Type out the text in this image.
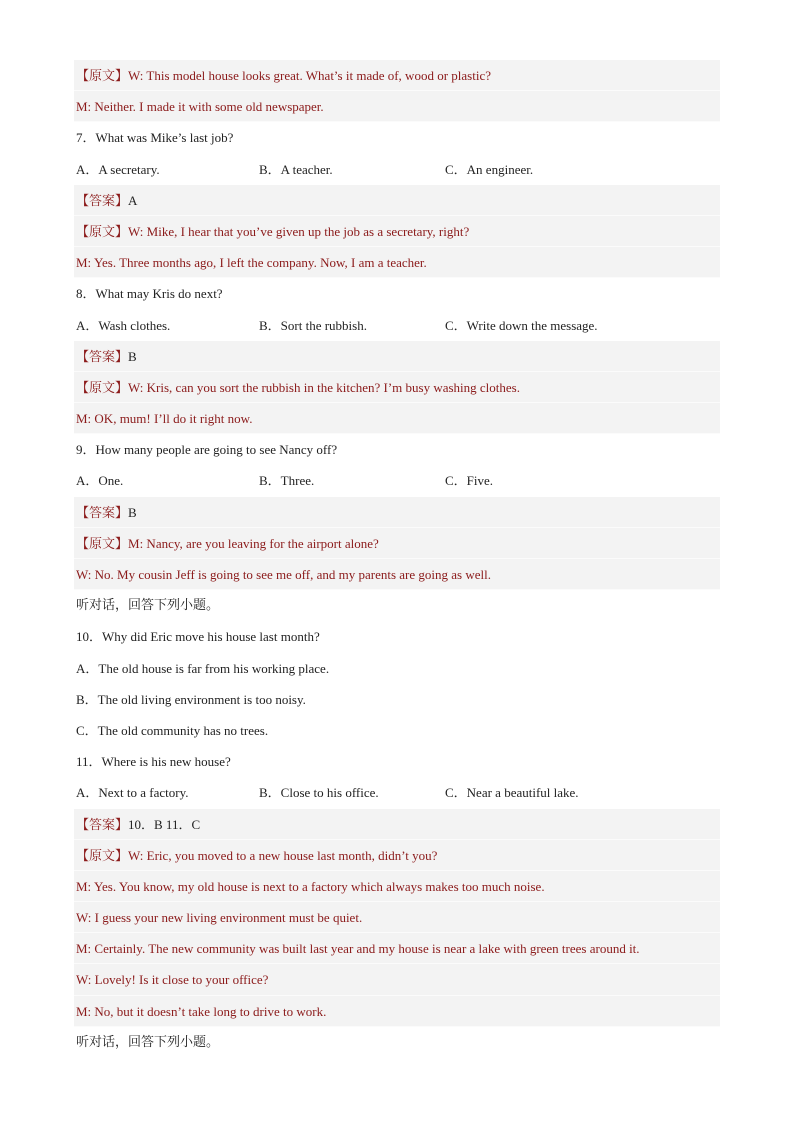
【原文】W: This model house looks great. What’s it made of, wood or plastic?
M: Neither. I made it with some old newspaper.
7．What was Mike’s last job?
A．A secretary.	B．A teacher.	C．An engineer.
【答案】A
【原文】W: Mike, I hear that you’ve given up the job as a secretary, right?
M: Yes. Three months ago, I left the company. Now, I am a teacher.
8．What may Kris do next?
A．Wash clothes.	B．Sort the rubbish.	C．Write down the message.
【答案】B
【原文】W: Kris, can you sort the rubbish in the kitchen? I’m busy washing clothes.
M: OK, mum! I’ll do it right now.
9．How many people are going to see Nancy off?
A．One.	B．Three.	C．Five.
【答案】B
【原文】M: Nancy, are you leaving for the airport alone?
W: No. My cousin Jeff is going to see me off, and my parents are going as well.
听对话，回答下列小题。
10．Why did Eric move his house last month?
A．The old house is far from his working place.
B．The old living environment is too noisy.
C．The old community has no trees.
11．Where is his new house?
A．Next to a factory.	B．Close to his office.	C．Near a beautiful lake.
【答案】10．B 11．C
【原文】W: Eric, you moved to a new house last month, didn’t you?
M: Yes. You know, my old house is next to a factory which always makes too much noise.
W: I guess your new living environment must be quiet.
M: Certainly. The new community was built last year and my house is near a lake with green trees around it.
W: Lovely! Is it close to your office?
M: No, but it doesn’t take long to drive to work.
听对话，回答下列小题。
